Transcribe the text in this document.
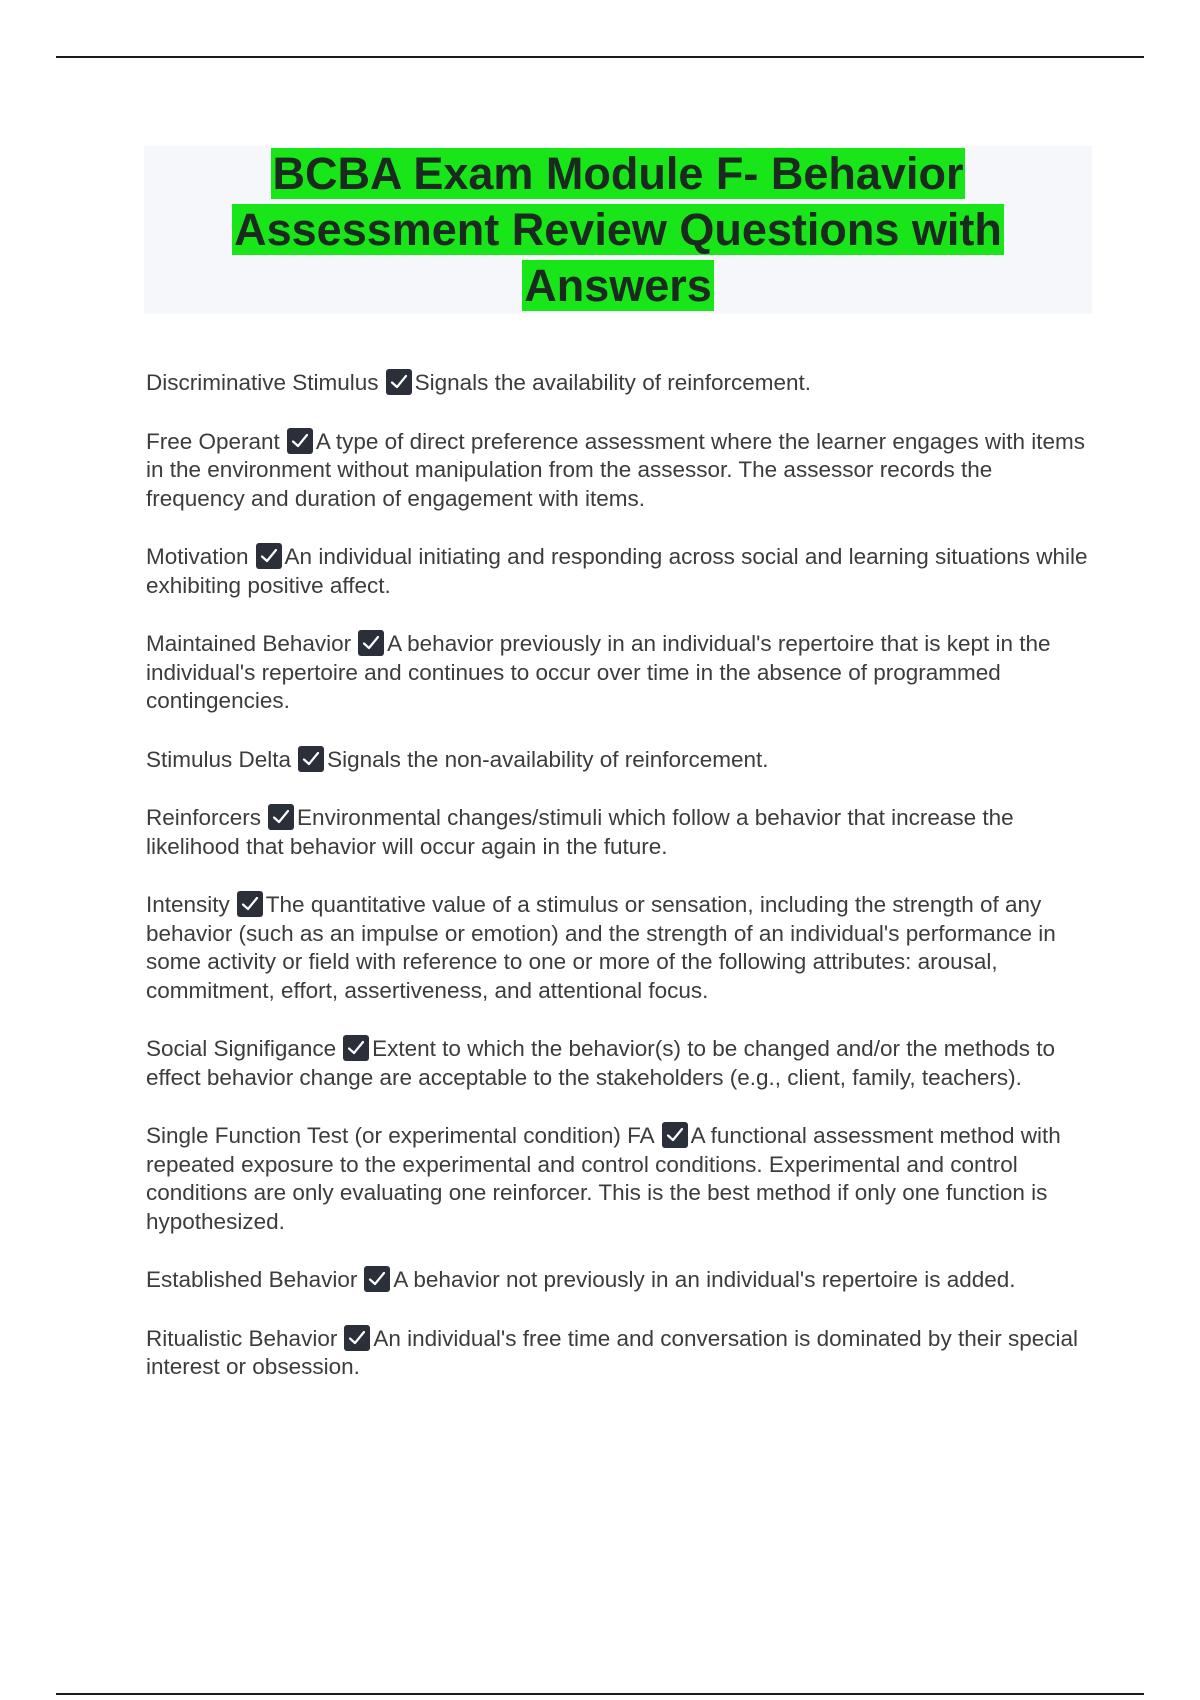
BCBA Exam Module F- Behavior Assessment Review Questions with Answers

Discriminative Stimulus Signals the availability of reinforcement.

Free Operant A type of direct preference assessment where the learner engages with items in the environment without manipulation from the assessor. The assessor records the frequency and duration of engagement with items.

Motivation An individual initiating and responding across social and learning situations while exhibiting positive affect.

Maintained Behavior A behavior previously in an individual's repertoire that is kept in the individual's repertoire and continues to occur over time in the absence of programmed contingencies.

Stimulus Delta Signals the non-availability of reinforcement.

Reinforcers Environmental changes/stimuli which follow a behavior that increase the likelihood that behavior will occur again in the future.

Intensity The quantitative value of a stimulus or sensation, including the strength of any behavior (such as an impulse or emotion) and the strength of an individual's performance in some activity or field with reference to one or more of the following attributes: arousal, commitment, effort, assertiveness, and attentional focus.

Social Signifigance Extent to which the behavior(s) to be changed and/or the methods to effect behavior change are acceptable to the stakeholders (e.g., client, family, teachers).

Single Function Test (or experimental condition) FA A functional assessment method with repeated exposure to the experimental and control conditions. Experimental and control conditions are only evaluating one reinforcer. This is the best method if only one function is hypothesized.

Established Behavior A behavior not previously in an individual's repertoire is added.

Ritualistic Behavior An individual's free time and conversation is dominated by their special interest or obsession.
